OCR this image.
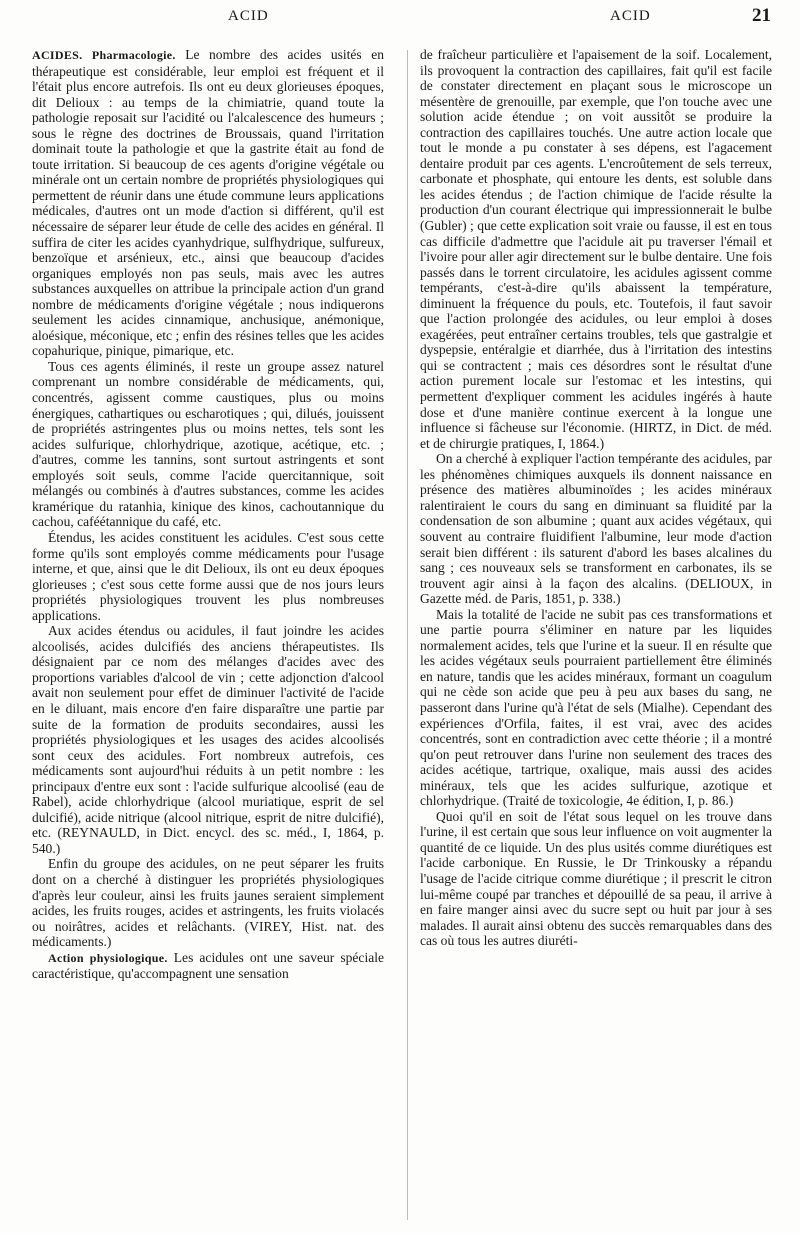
ACID	ACID	21

ACIDES. Pharmacologie. Le nombre des acides usités en thérapeutique est considérable, leur emploi est fréquent et il l'était plus encore autrefois. Ils ont eu deux glorieuses époques, dit Delioux : au temps de la chimiatrie, quand toute la pathologie reposait sur l'acidité ou l'alcalescence des humeurs ; sous le règne des doctrines de Broussais, quand l'irritation dominait toute la pathologie et que la gastrite était au fond de toute irritation. Si beaucoup de ces agents d'origine végétale ou minérale ont un certain nombre de propriétés physiologiques qui permettent de réunir dans une étude commune leurs applications médicales, d'autres ont un mode d'action si différent, qu'il est nécessaire de séparer leur étude de celle des acides en général. Il suffira de citer les acides cyanhydrique, sulfhydrique, sulfureux, benzoïque et arsénieux, etc., ainsi que beaucoup d'acides organiques employés non pas seuls, mais avec les autres substances auxquelles on attribue la principale action d'un grand nombre de médicaments d'origine végétale ; nous indiquerons seulement les acides cinnamique, anchusique, anémonique, aloésique, méconique, etc ; enfin des résines telles que les acides copahurique, pinique, pimarique, etc.

Tous ces agents éliminés, il reste un groupe assez naturel comprenant un nombre considérable de médicaments, qui, concentrés, agissent comme caustiques, plus ou moins énergiques, cathartiques ou escharotiques ; qui, dilués, jouissent de propriétés astringentes plus ou moins nettes, tels sont les acides sulfurique, chlorhydrique, azotique, acétique, etc. ; d'autres, comme les tannins, sont surtout astringents et sont employés soit seuls, comme l'acide quercitannique, soit mélangés ou combinés à d'autres substances, comme les acides kramérique du ratanhia, kinique des kinos, cachoutannique du cachou, caféétannique du café, etc.

Étendus, les acides constituent les acidules. C'est sous cette forme qu'ils sont employés comme médicaments pour l'usage interne, et que, ainsi que le dit Delioux, ils ont eu deux époques glorieuses ; c'est sous cette forme aussi que de nos jours leurs propriétés physiologiques trouvent les plus nombreuses applications.

Aux acides étendus ou acidules, il faut joindre les acides alcoolisés, acides dulcifiés des anciens thérapeutistes. Ils désignaient par ce nom des mélanges d'acides avec des proportions variables d'alcool de vin ; cette adjonction d'alcool avait non seulement pour effet de diminuer l'activité de l'acide en le diluant, mais encore d'en faire disparaître une partie par suite de la formation de produits secondaires, aussi les propriétés physiologiques et les usages des acides alcoolisés sont ceux des acidules. Fort nombreux autrefois, ces médicaments sont aujourd'hui réduits à un petit nombre : les principaux d'entre eux sont : l'acide sulfurique alcoolisé (eau de Rabel), acide chlorhydrique (alcool muriatique, esprit de sel dulcifié), acide nitrique (alcool nitrique, esprit de nitre dulcifié), etc. (REYNAULD, in Dict. encycl. des sc. méd., I, 1864, p. 540.)

Enfin du groupe des acidules, on ne peut séparer les fruits dont on a cherché à distinguer les propriétés physiologiques d'après leur couleur, ainsi les fruits jaunes seraient simplement acides, les fruits rouges, acides et astringents, les fruits violacés ou noirâtres, acides et relâchants. (VIREY, Hist. nat. des médicaments.)

Action physiologique. Les acidules ont une saveur spéciale caractéristique, qu'accompagnent une sensation

de fraîcheur particulière et l'apaisement de la soif. Localement, ils provoquent la contraction des capillaires, fait qu'il est facile de constater directement en plaçant sous le microscope un mésentère de grenouille, par exemple, que l'on touche avec une solution acide étendue ; on voit aussitôt se produire la contraction des capillaires touchés. Une autre action locale que tout le monde a pu constater à ses dépens, est l'agacement dentaire produit par ces agents. L'encroûtement de sels terreux, carbonate et phosphate, qui entoure les dents, est soluble dans les acides étendus ; de l'action chimique de l'acide résulte la production d'un courant électrique qui impressionnerait le bulbe (Gubler) ; que cette explication soit vraie ou fausse, il est en tous cas difficile d'admettre que l'acidule ait pu traverser l'émail et l'ivoire pour aller agir directement sur le bulbe dentaire. Une fois passés dans le torrent circulatoire, les acidules agissent comme tempérants, c'est-à-dire qu'ils abaissent la température, diminuent la fréquence du pouls, etc. Toutefois, il faut savoir que l'action prolongée des acidules, ou leur emploi à doses exagérées, peut entraîner certains troubles, tels que gastralgie et dyspepsie, entéralgie et diarrhée, dus à l'irritation des intestins qui se contractent ; mais ces désordres sont le résultat d'une action purement locale sur l'estomac et les intestins, qui permettent d'expliquer comment les acidules ingérés à haute dose et d'une manière continue exercent à la longue une influence si fâcheuse sur l'économie. (HIRTZ, in Dict. de méd. et de chirurgie pratiques, I, 1864.)

On a cherché à expliquer l'action tempérante des acidules, par les phénomènes chimiques auxquels ils donnent naissance en présence des matières albuminoïdes ; les acides minéraux ralentiraient le cours du sang en diminuant sa fluidité par la condensation de son albumine ; quant aux acides végétaux, qui souvent au contraire fluidifient l'albumine, leur mode d'action serait bien différent : ils saturent d'abord les bases alcalines du sang ; ces nouveaux sels se transforment en carbonates, ils se trouvent agir ainsi à la façon des alcalins. (DELIOUX, in Gazette méd. de Paris, 1851, p. 338.)

Mais la totalité de l'acide ne subit pas ces transformations et une partie pourra s'éliminer en nature par les liquides normalement acides, tels que l'urine et la sueur. Il en résulte que les acides végétaux seuls pourraient partiellement être éliminés en nature, tandis que les acides minéraux, formant un coagulum qui ne cède son acide que peu à peu aux bases du sang, ne passeront dans l'urine qu'à l'état de sels (Mialhe). Cependant des expériences d'Orfila, faites, il est vrai, avec des acides concentrés, sont en contradiction avec cette théorie ; il a montré qu'on peut retrouver dans l'urine non seulement des traces des acides acétique, tartrique, oxalique, mais aussi des acides minéraux, tels que les acides sulfurique, azotique et chlorhydrique. (Traité de toxicologie, 4e édition, I, p. 86.)

Quoi qu'il en soit de l'état sous lequel on les trouve dans l'urine, il est certain que sous leur influence on voit augmenter la quantité de ce liquide. Un des plus usités comme diurétiques est l'acide carbonique. En Russie, le Dr Trinkousky a répandu l'usage de l'acide citrique comme diurétique ; il prescrit le citron lui-même coupé par tranches et dépouillé de sa peau, il arrive à en faire manger ainsi avec du sucre sept ou huit par jour à ses malades. Il aurait ainsi obtenu des succès remarquables dans des cas où tous les autres diuréti-
